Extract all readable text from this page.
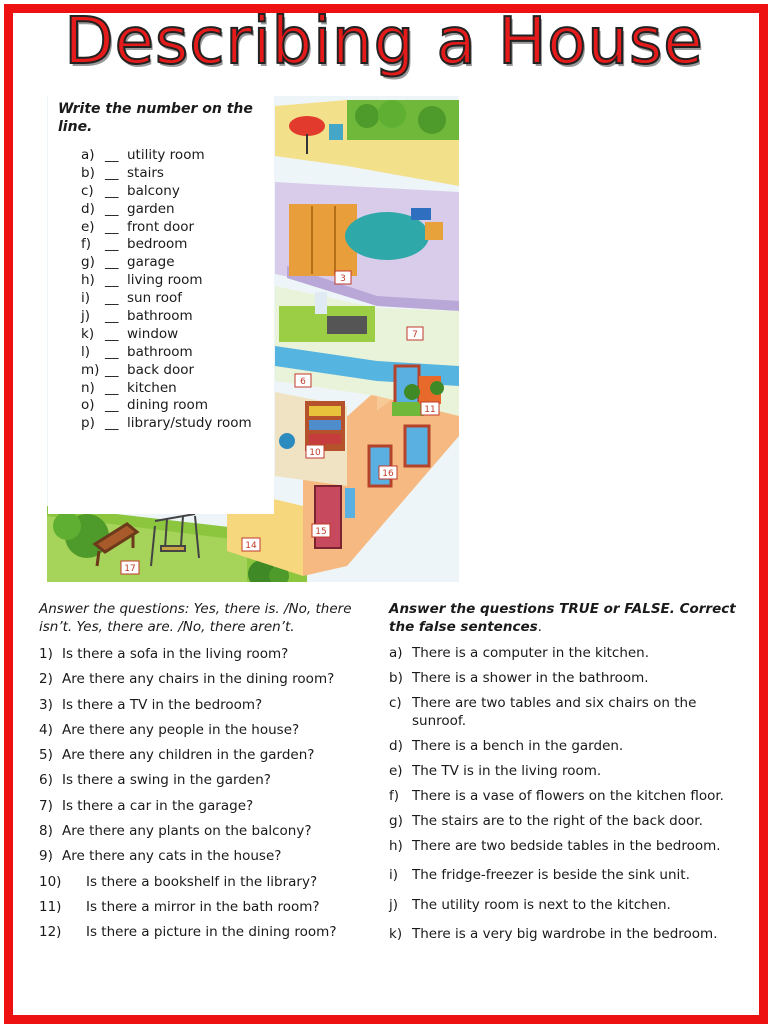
Describing a House
3
6
7
10
11
14
15
16
17

Write the number on the line.

a) __ utility room
b) __ stairs
c) __ balcony
d) __ garden
e) __ front door
f) __ bedroom
g) __ garage
h) __ living room
i) __ sun roof
j) __ bathroom
k) __ window
l) __ bathroom
m) __ back door
n) __ kitchen
o) __ dining room
p) __ library/study room

Answer the questions: Yes, there is. /No, there isn’t. Yes, there are. /No, there aren’t.

1) Is there a sofa in the living room?
2) Are there any chairs in the dining room?
3) Is there a TV in the bedroom?
4) Are there any people in the house?
5) Are there any children in the garden?
6) Is there a swing in the garden?
7) Is there a car in the garage?
8) Are there any plants on the balcony?
9) Are there any cats in the house?
10) Is there a bookshelf in the library?
11) Is there a mirror in the bath room?
12) Is there a picture in the dining room?

Answer the questions TRUE or FALSE. Correct the false sentences.

a) There is a computer in the kitchen.
b) There is a shower in the bathroom.
c) There are two tables and six chairs on the sunroof.
d) There is a bench in the garden.
e) The TV is in the living room.
f) There is a vase of flowers on the kitchen floor.
g) The stairs are to the right of the back door.
h) There are two bedside tables in the bedroom.
i)	The fridge-freezer is beside the sink unit.
j)	The utility room is next to the kitchen.
k) There is a very big wardrobe in the bedroom.
